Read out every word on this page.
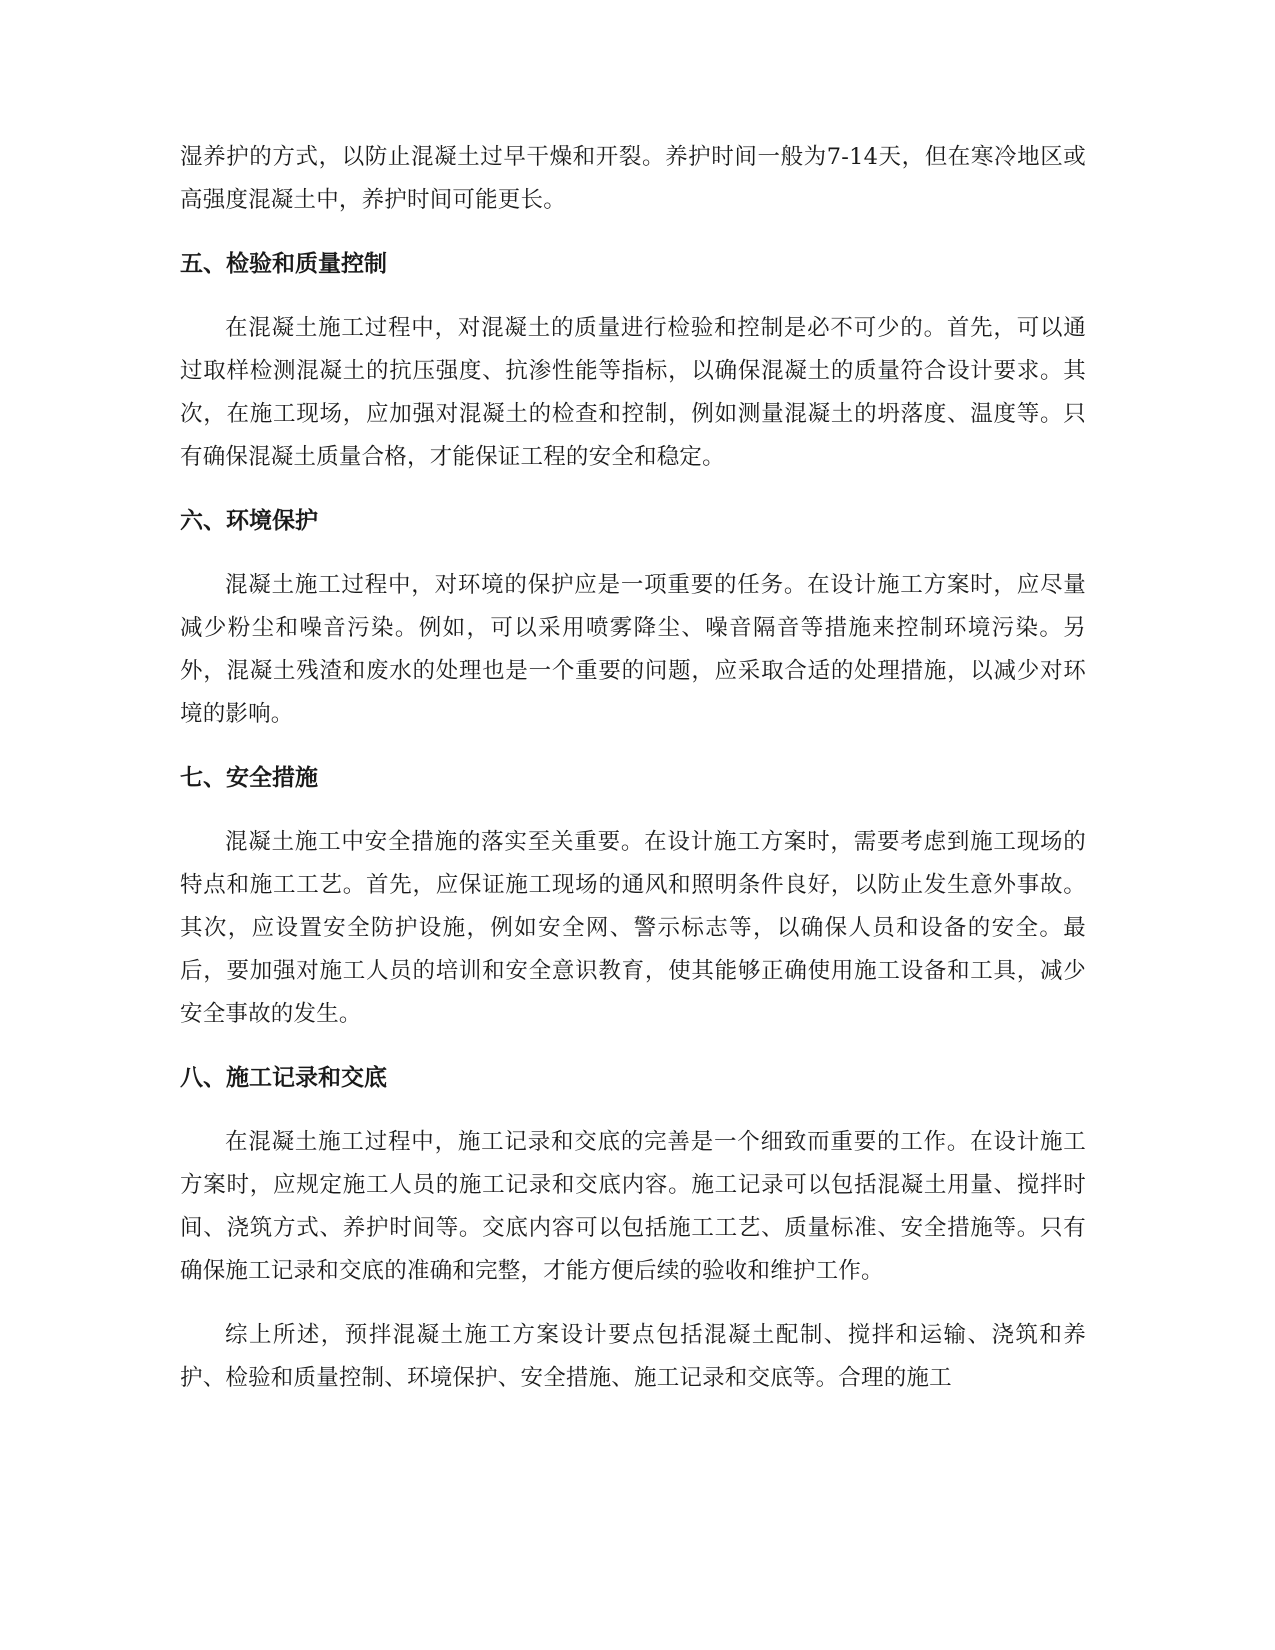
湿养护的方式，以防止混凝土过早干燥和开裂。养护时间一般为7-14天，但在寒冷地区或高强度混凝土中，养护时间可能更长。

五、检验和质量控制

在混凝土施工过程中，对混凝土的质量进行检验和控制是必不可少的。首先，可以通过取样检测混凝土的抗压强度、抗渗性能等指标，以确保混凝土的质量符合设计要求。其次，在施工现场，应加强对混凝土的检查和控制，例如测量混凝土的坍落度、温度等。只有确保混凝土质量合格，才能保证工程的安全和稳定。

六、环境保护

混凝土施工过程中，对环境的保护应是一项重要的任务。在设计施工方案时，应尽量减少粉尘和噪音污染。例如，可以采用喷雾降尘、噪音隔音等措施来控制环境污染。另外，混凝土残渣和废水的处理也是一个重要的问题，应采取合适的处理措施，以减少对环境的影响。

七、安全措施

混凝土施工中安全措施的落实至关重要。在设计施工方案时，需要考虑到施工现场的特点和施工工艺。首先，应保证施工现场的通风和照明条件良好，以防止发生意外事故。其次，应设置安全防护设施，例如安全网、警示标志等，以确保人员和设备的安全。最后，要加强对施工人员的培训和安全意识教育，使其能够正确使用施工设备和工具，减少安全事故的发生。

八、施工记录和交底

在混凝土施工过程中，施工记录和交底的完善是一个细致而重要的工作。在设计施工方案时，应规定施工人员的施工记录和交底内容。施工记录可以包括混凝土用量、搅拌时间、浇筑方式、养护时间等。交底内容可以包括施工工艺、质量标准、安全措施等。只有确保施工记录和交底的准确和完整，才能方便后续的验收和维护工作。

综上所述，预拌混凝土施工方案设计要点包括混凝土配制、搅拌和运输、浇筑和养护、检验和质量控制、环境保护、安全措施、施工记录和交底等。合理的施工
